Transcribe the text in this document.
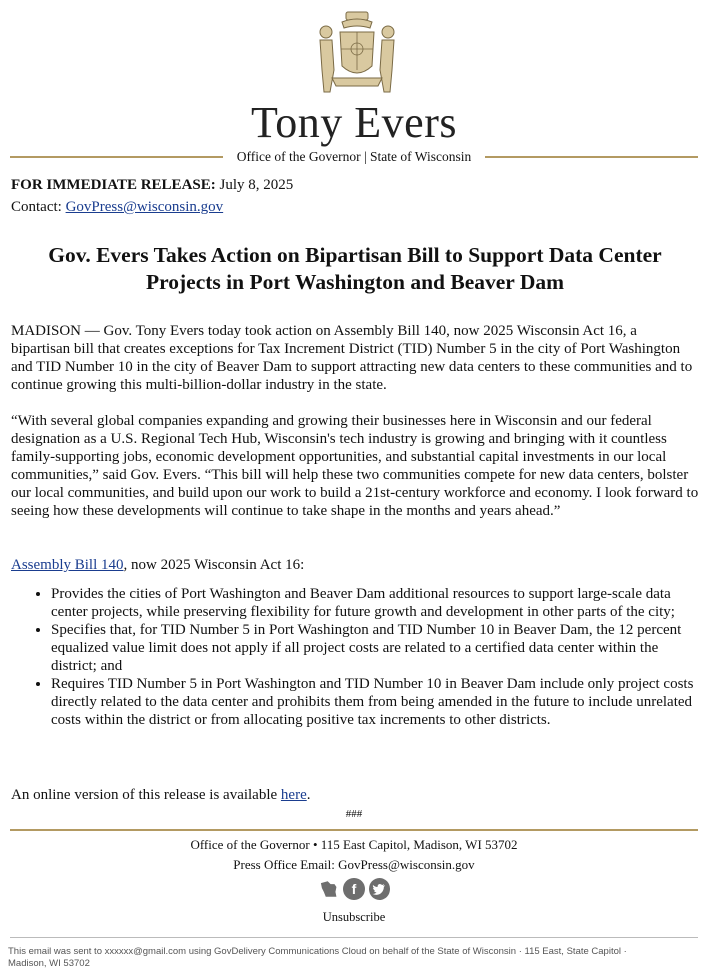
Tony Evers
Office of the Governor | State of Wisconsin
FOR IMMEDIATE RELEASE: July 8, 2025
Contact: GovPress@wisconsin.gov
Gov. Evers Takes Action on Bipartisan Bill to Support Data Center Projects in Port Washington and Beaver Dam

MADISON — Gov. Tony Evers today took action on Assembly Bill 140, now 2025 Wisconsin Act 16, a bipartisan bill that creates exceptions for Tax Increment District (TID) Number 5 in the city of Port Washington and TID Number 10 in the city of Beaver Dam to support attracting new data centers to these communities and to continue growing this multi-billion-dollar industry in the state.

“With several global companies expanding and growing their businesses here in Wisconsin and our federal designation as a U.S. Regional Tech Hub, Wisconsin's tech industry is growing and bringing with it countless family-supporting jobs, economic development opportunities, and substantial capital investments in our local communities,” said Gov. Evers. “This bill will help these two communities compete for new data centers, bolster our local communities, and build upon our work to build a 21st-century workforce and economy. I look forward to seeing how these developments will continue to take shape in the months and years ahead.”

Assembly Bill 140, now 2025 Wisconsin Act 16:
• Provides the cities of Port Washington and Beaver Dam additional resources to support large-scale data center projects, while preserving flexibility for future growth and development in other parts of the city;
• Specifies that, for TID Number 5 in Port Washington and TID Number 10 in Beaver Dam, the 12 percent equalized value limit does not apply if all project costs are related to a certified data center within the district; and
• Requires TID Number 5 in Port Washington and TID Number 10 in Beaver Dam include only project costs directly related to the data center and prohibits them from being amended in the future to include unrelated costs within the district or from allocating positive tax increments to other districts.
An online version of this release is available here.
###
Office of the Governor • 115 East Capitol, Madison, WI 53702
Press Office Email: GovPress@wisconsin.gov
f
Unsubscribe
This email was sent to xxxxxx@gmail.com using GovDelivery Communications Cloud on behalf of the State of Wisconsin · 115 East, State Capitol · Madison, WI 53702
